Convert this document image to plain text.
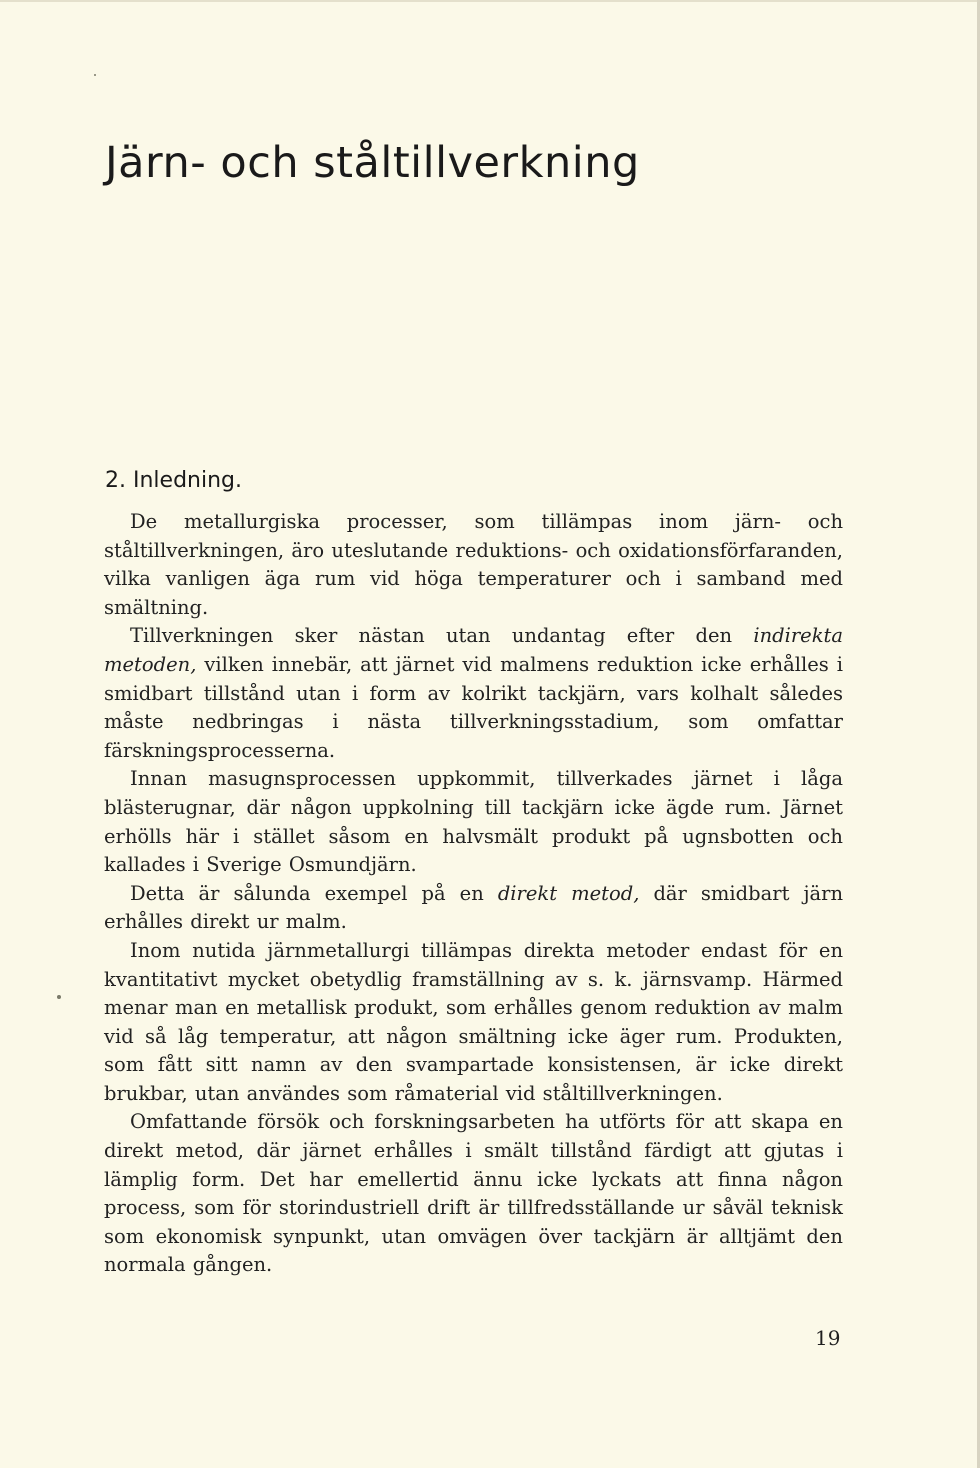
Järn- och ståltillverkning
2. Inledning.

De metallurgiska processer, som tillämpas inom järn- och ståltillverkningen, äro uteslutande reduktions- och oxidationsförfaranden, vilka vanligen äga rum vid höga temperaturer och i samband med smältning.

Tillverkningen sker nästan utan undantag efter den indirekta metoden, vilken innebär, att järnet vid malmens reduktion icke erhålles i smidbart tillstånd utan i form av kolrikt tackjärn, vars kolhalt således måste nedbringas i nästa tillverkningsstadium, som omfattar färskningsprocesserna.

Innan masugnsprocessen uppkommit, tillverkades järnet i låga blästerugnar, där någon uppkolning till tackjärn icke ägde rum. Järnet erhölls här i stället såsom en halvsmält produkt på ugnsbotten och kallades i Sverige Osmundjärn.

Detta är sålunda exempel på en direkt metod, där smidbart järn erhålles direkt ur malm.

Inom nutida järnmetallurgi tillämpas direkta metoder endast för en kvantitativt mycket obetydlig framställning av s. k. järnsvamp. Härmed menar man en metallisk produkt, som erhålles genom reduktion av malm vid så låg temperatur, att någon smältning icke äger rum. Produkten, som fått sitt namn av den svampartade konsistensen, är icke direkt brukbar, utan användes som råmaterial vid ståltillverkningen.

Omfattande försök och forskningsarbeten ha utförts för att skapa en direkt metod, där järnet erhålles i smält tillstånd färdigt att gjutas i lämplig form. Det har emellertid ännu icke lyckats att finna någon process, som för storindustriell drift är tillfredsställande ur såväl teknisk som ekonomisk synpunkt, utan omvägen över tackjärn är alltjämt den normala gången.

19
